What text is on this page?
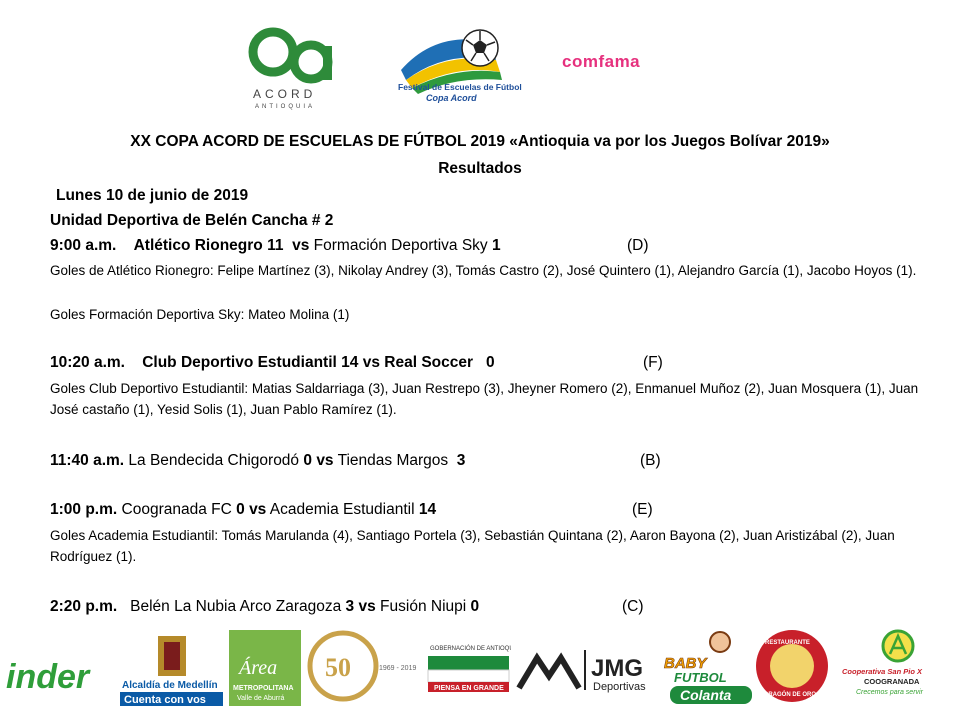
ACORD
ANTIOQUIA
Festival de Escuelas de Fútbol
Copa Acord
comfama
XX COPA ACORD DE ESCUELAS DE FÚTBOL 2019 «Antioquia va por los Juegos Bolívar 2019»
Resultados
Lunes 10 de junio de 2019
Unidad Deportiva de Belén Cancha # 2
9:00 a.m. Atlético Rionegro 11 vs Formación Deportiva Sky 1	(D)
Goles de Atlético Rionegro: Felipe Martínez (3), Nikolay Andrey (3), Tomás Castro (2), José Quintero (1), Alejandro García (1), Jacobo Hoyos (1).
Goles Formación Deportiva Sky: Mateo Molina (1)
10:20 a.m. Club Deportivo Estudiantil 14 vs Real Soccer 0	(F)
Goles Club Deportivo Estudiantil: Matias Saldarriaga (3), Juan Restrepo (3), Jheyner Romero (2), Enmanuel Muñoz (2), Juan Mosquera (1), Juan José castaño (1), Yesid Solis (1), Juan Pablo Ramírez (1).
11:40 a.m. La Bendecida Chigorodó 0 vs Tiendas Margos 3	(B)
1:00 p.m. Coogranada FC 0 vs Academia Estudiantil 14	(E)
Goles Academia Estudiantil: Tomás Marulanda (4), Santiago Portela (3), Sebastián Quintana (2), Aaron Bayona (2), Juan Aristizábal (2), Juan Rodríguez (1).
2:20 p.m. Belén La Nubia Arco Zaragoza 3 vs Fusión Niupi 0	(C)
inder	Alcaldía de Medellín
Cuenta con vos
Área
METROPOLITANA
Valle de Aburrá
50	1969 - 2019
GOBERNACIÓN DE ANTIOQUIA
PIENSA EN GRANDE
JMG
Deportivas
BABY
FUTBOL
Colanta
RESTAURANTE
DRAGÓN DE ORO
Cooperativa San Pio X
COOGRANADA
Crecemos para servir
